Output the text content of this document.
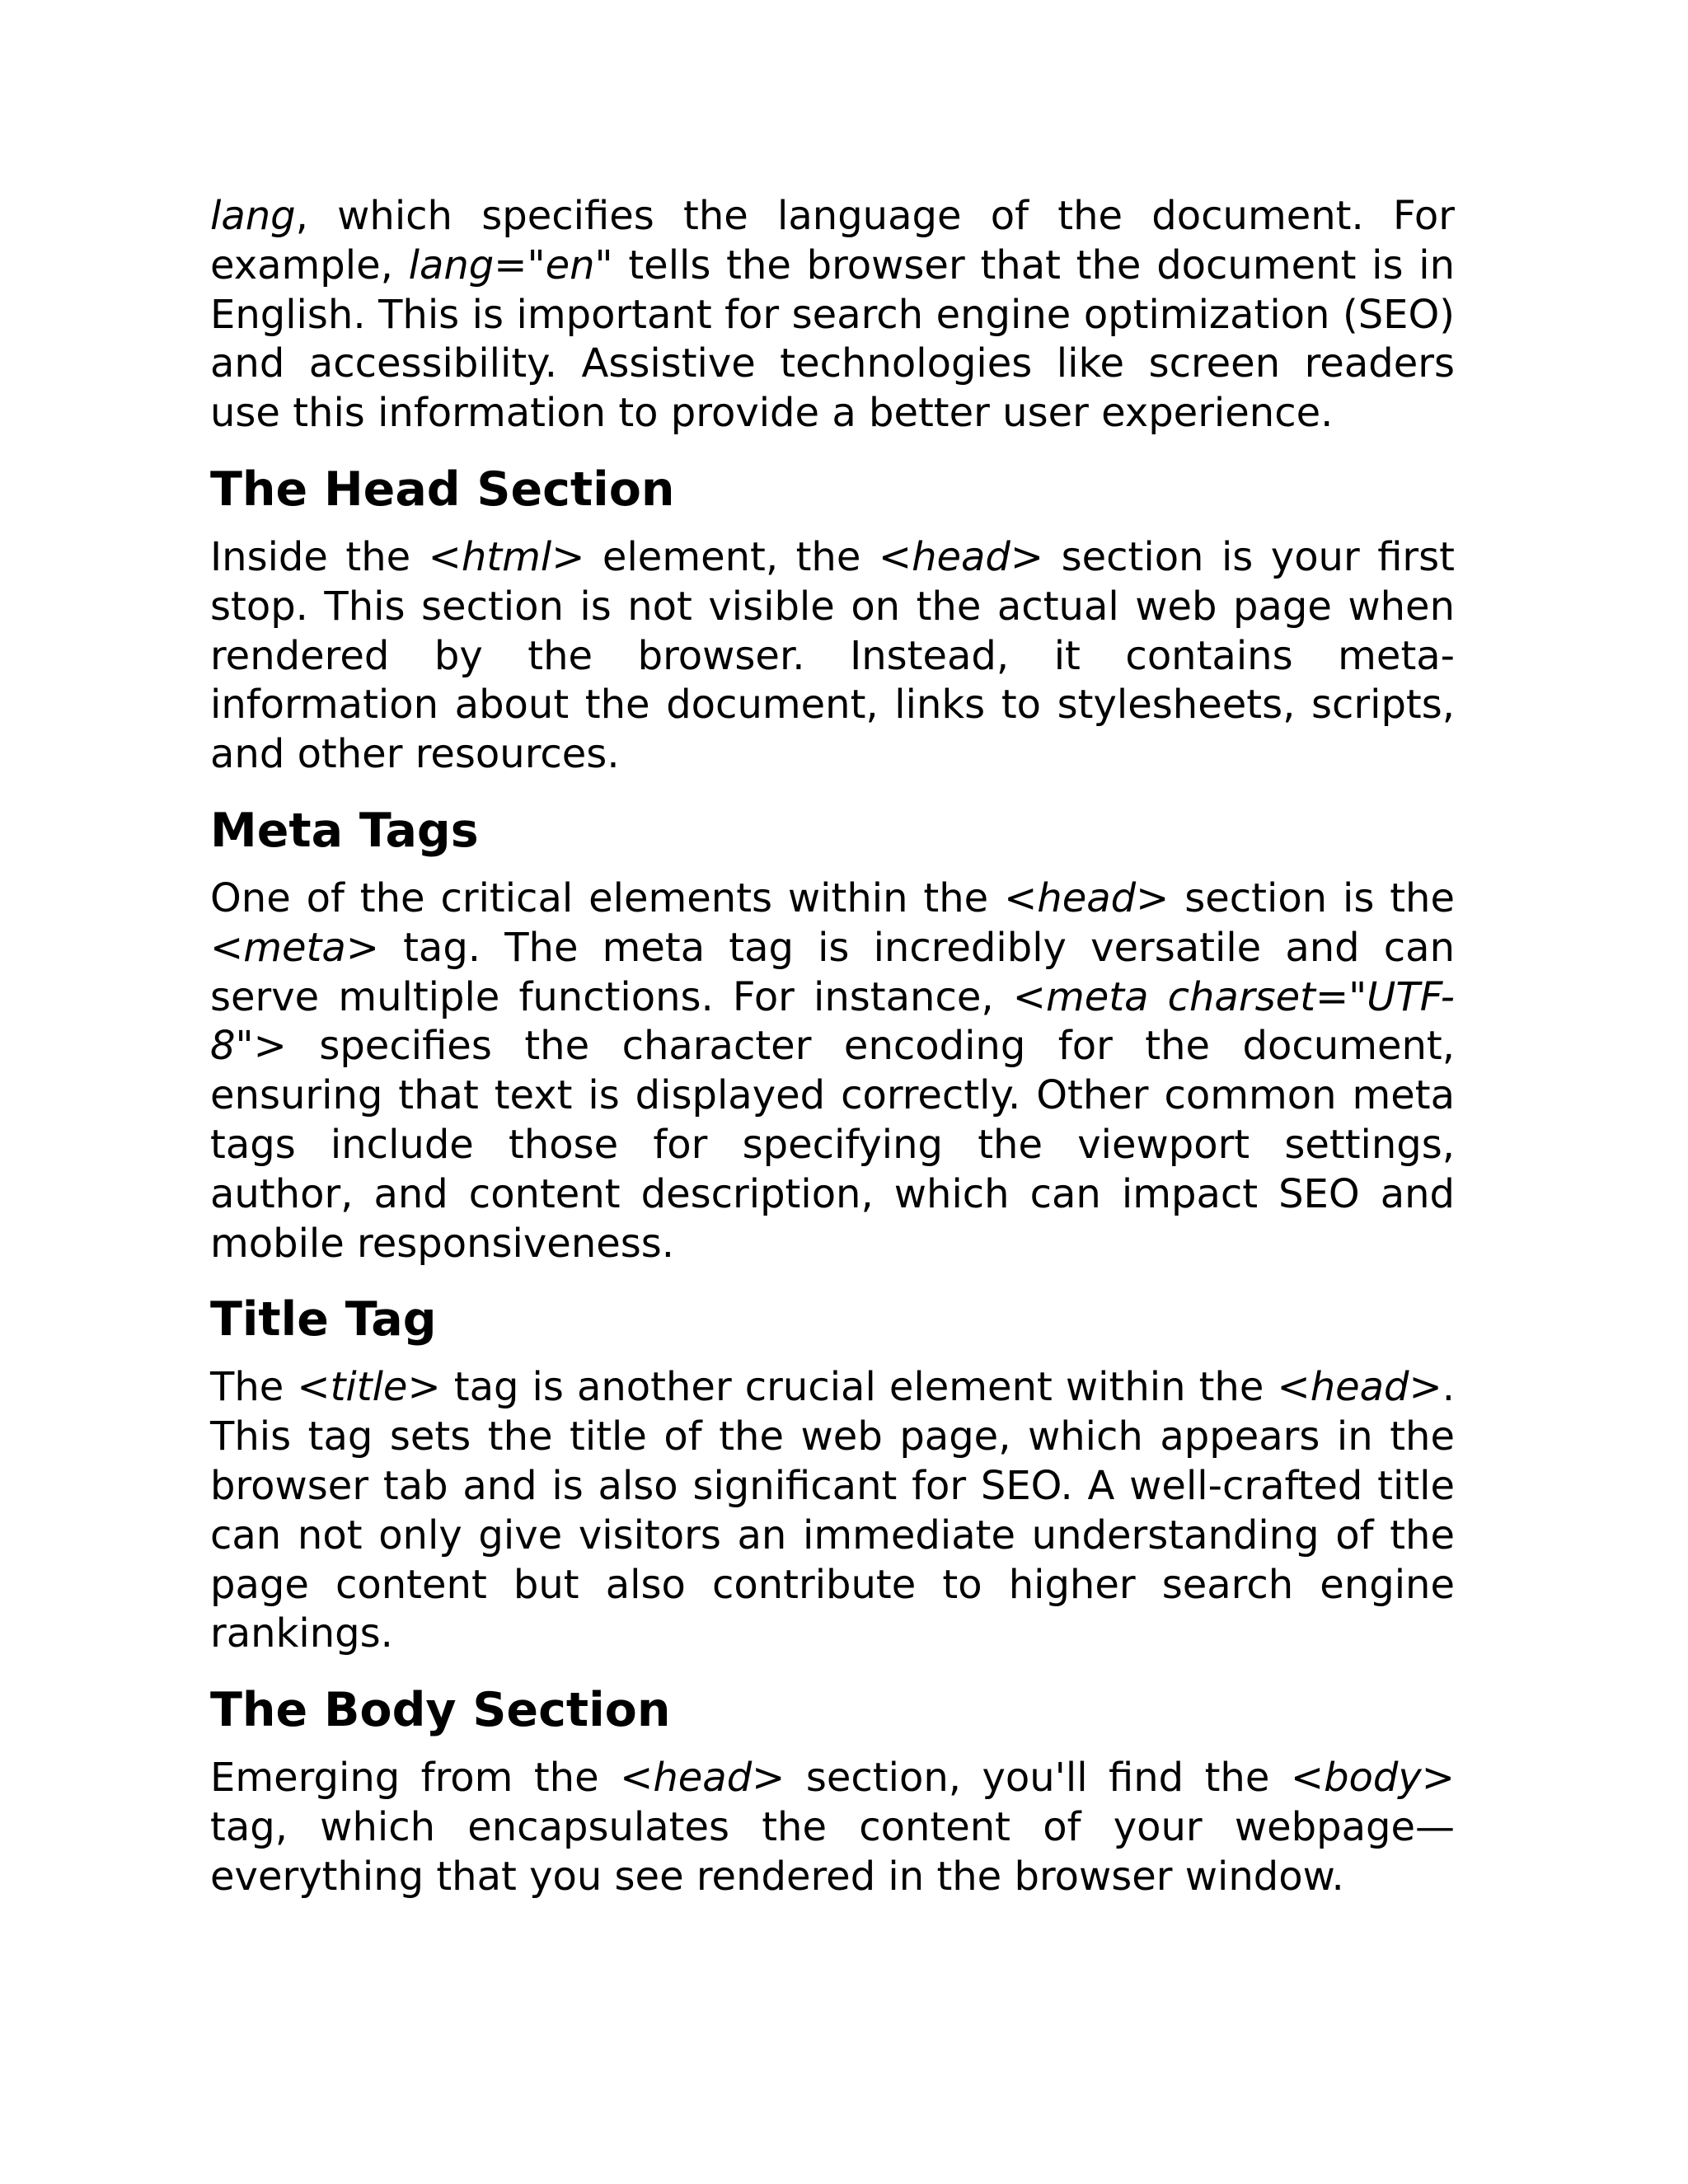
lang, which specifies the language of the document. For example, lang="en" tells the browser that the document is in English. This is important for search engine optimization (SEO) and accessibility. Assistive technologies like screen readers use this information to provide a better user experience.

The Head Section

Inside the <html> element, the <head> section is your first stop. This section is not visible on the actual web page when rendered by the browser. Instead, it contains meta-information about the document, links to stylesheets, scripts, and other resources.

Meta Tags

One of the critical elements within the <head> section is the <meta> tag. The meta tag is incredibly versatile and can serve multiple functions. For instance, <meta charset="UTF-8"> specifies the character encoding for the document, ensuring that text is displayed correctly. Other common meta tags include those for specifying the viewport settings, author, and content description, which can impact SEO and mobile responsiveness.

Title Tag

The <title> tag is another crucial element within the <head>. This tag sets the title of the web page, which appears in the browser tab and is also significant for SEO. A well-crafted title can not only give visitors an immediate understanding of the page content but also contribute to higher search engine rankings.

The Body Section

Emerging from the <head> section, you'll find the <body> tag, which encapsulates the content of your webpage—everything that you see rendered in the browser window.
